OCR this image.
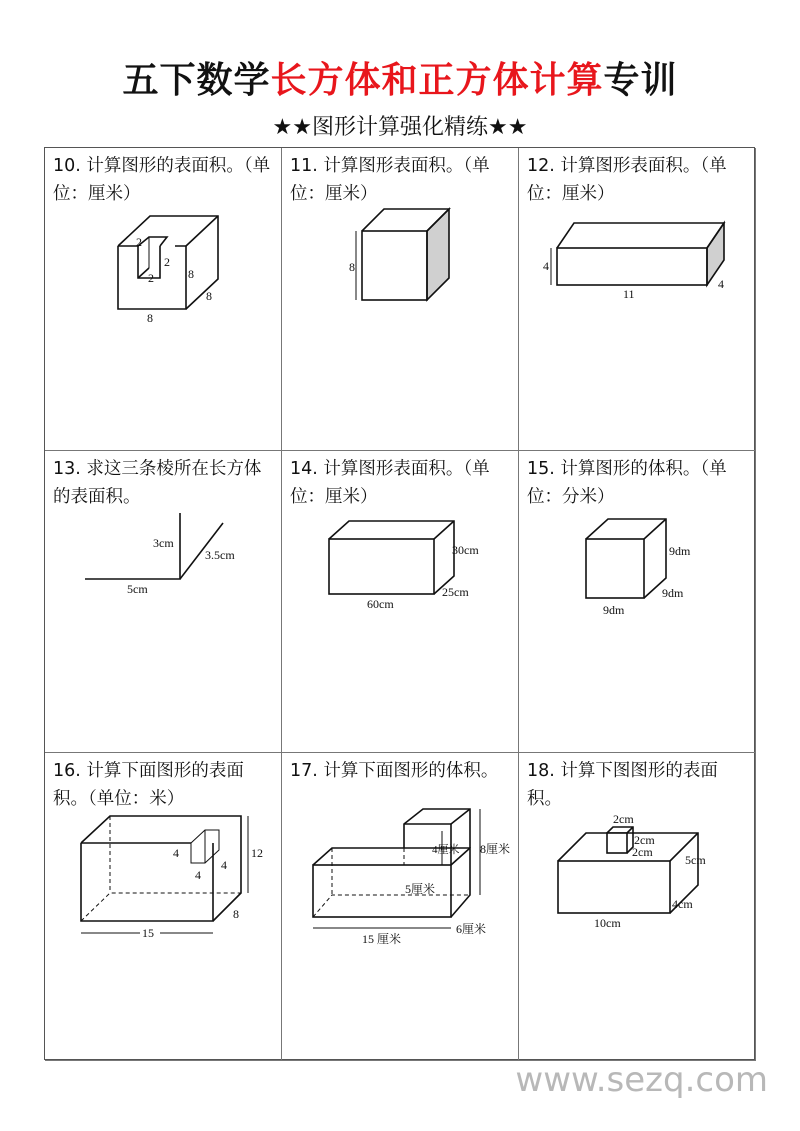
五下数学长方体和正方体计算专训
★★图形计算强化精练★★
2
2
2	8
8
8
10. 计算图形的表面积。（单位：厘米）
8
11. 计算图形表面积。（单位：厘米）
4
11
4
12. 计算图形表面积。（单位：厘米）
3cm
3.5cm
5cm
13. 求这三条棱所在长方体的表面积。
30cm
25cm
60cm
14. 计算图形表面积。（单位：厘米）
9dm
9dm
9dm
15. 计算图形的体积。（单位：分米）
4
4
4
12
8
15
16. 计算下面图形的表面积。（单位：米）
4厘米 8厘米
5厘米
15 厘米
6厘米
17. 计算下面图形的体积。
2cm
2cm
2cm
5cm
4cm
10cm
18. 计算下图图形的表面积。
www.sezq.com
